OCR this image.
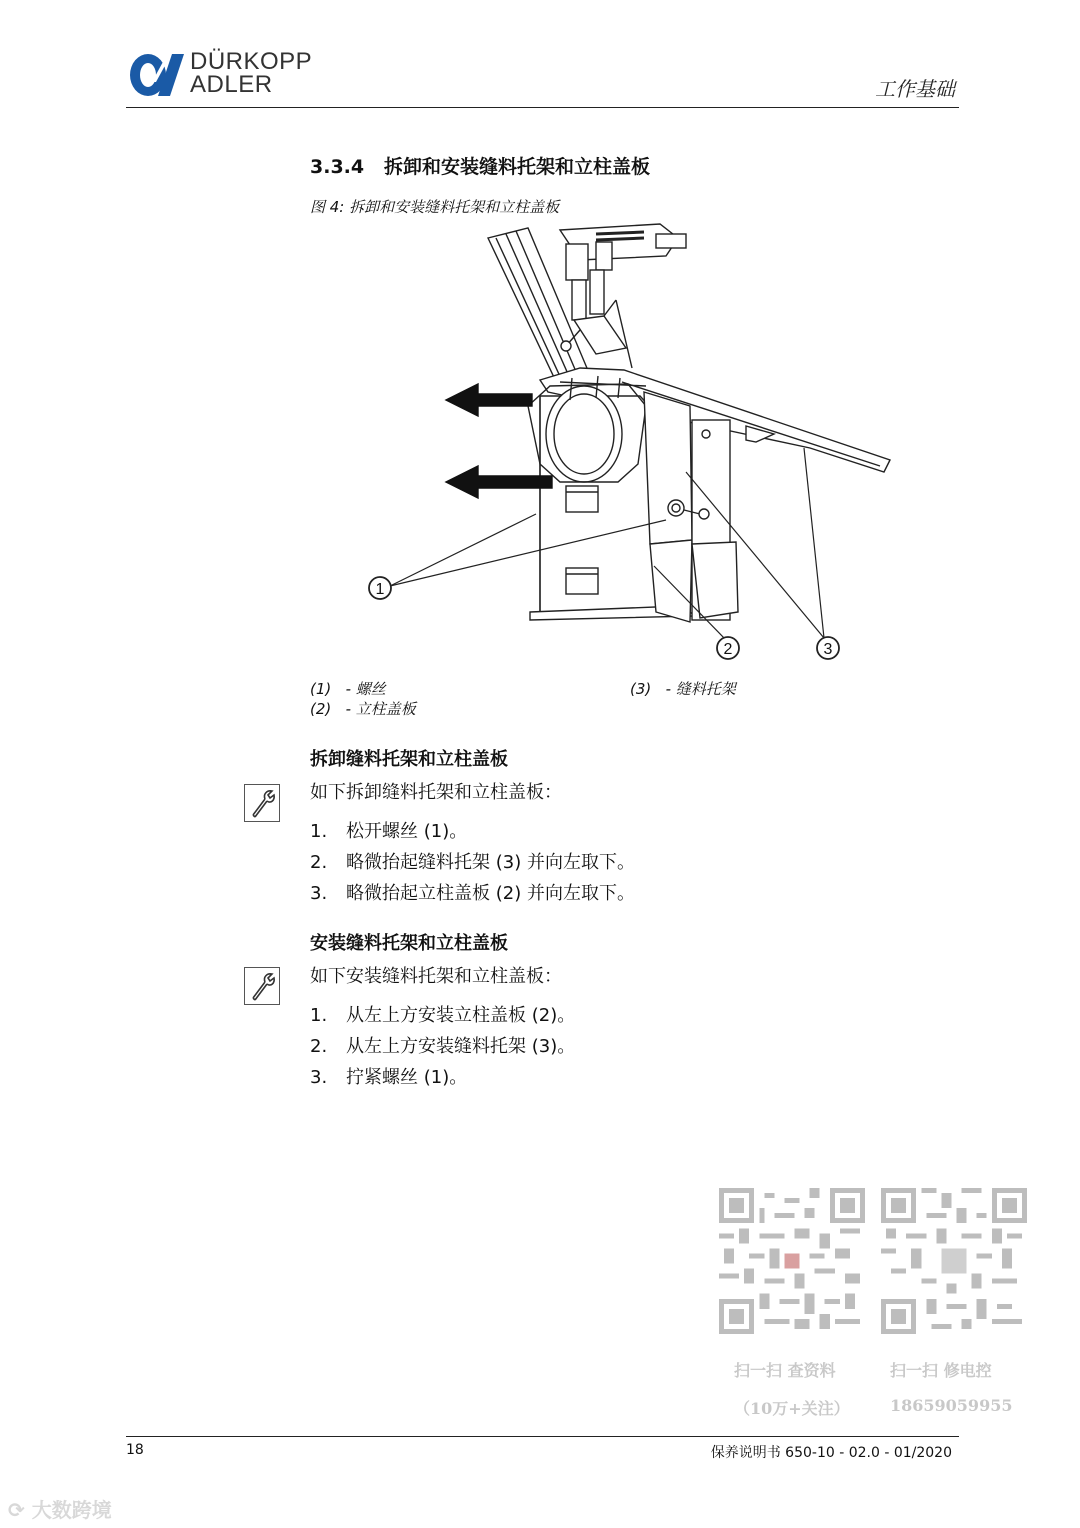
DÜRKOPP
ADLER	工作基础
3.3.4 拆卸和安装缝料托架和立柱盖板
图 4: 拆卸和安装缝料托架和立柱盖板
1
2	3
(1) - 螺丝
(2) - 立柱盖板
(3) - 缝料托架
拆卸缝料托架和立柱盖板
如下拆卸缝料托架和立柱盖板：
1. 松开螺丝 (1)。
2. 略微抬起缝料托架 (3) 并向左取下。
3. 略微抬起立柱盖板 (2) 并向左取下。
安装缝料托架和立柱盖板
如下安装缝料托架和立柱盖板：
1. 从左上方安装立柱盖板 (2)。
2. 从左上方安装缝料托架 (3)。
3. 拧紧螺丝 (1)。
扫一扫 查资料
（10万+关注）
扫一扫 修电控
18659059955
18	保养说明书 650-10 - 02.0 - 01/2020
⟳ 大数跨境
